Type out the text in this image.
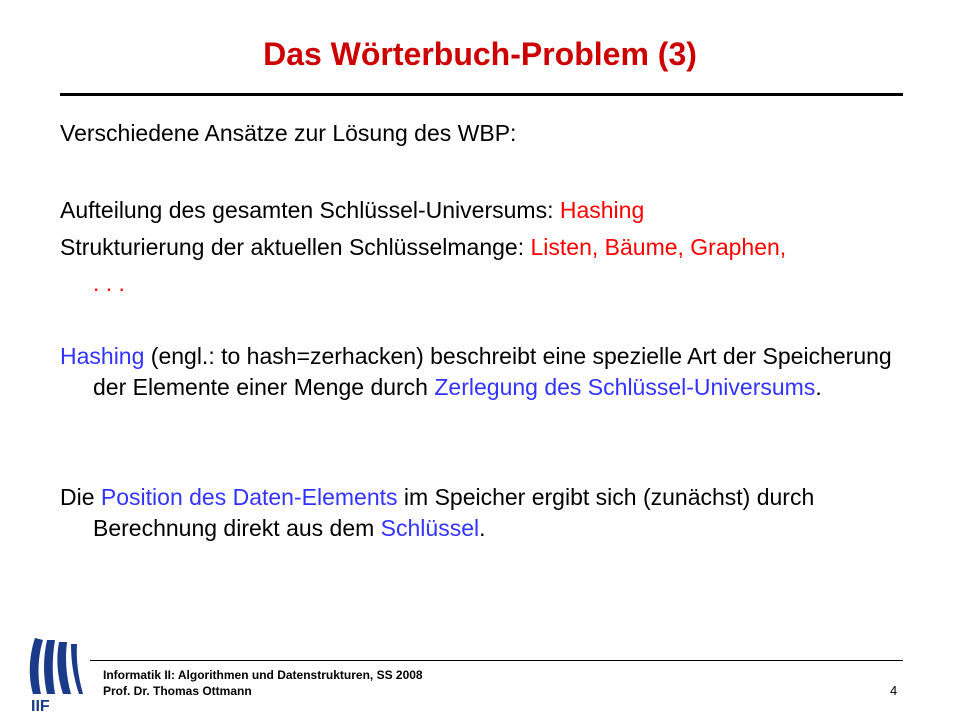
Das Wörterbuch-Problem (3)

Verschiedene Ansätze zur Lösung des WBP:

Aufteilung des gesamten Schlüssel-Universums: Hashing

Strukturierung der aktuellen Schlüsselmange: Listen, Bäume, Graphen,

. . .

Hashing (engl.: to hash=zerhacken) beschreibt eine spezielle Art der Speicherung der Elemente einer Menge durch Zerlegung des Schlüssel-Universums.

Die Position des Daten-Elements im Speicher ergibt sich (zunächst) durch Berechnung direkt aus dem Schlüssel.

IIF
Informatik II: Algorithmen und Datenstrukturen, SS 2008
Prof. Dr. Thomas Ottmann	4
